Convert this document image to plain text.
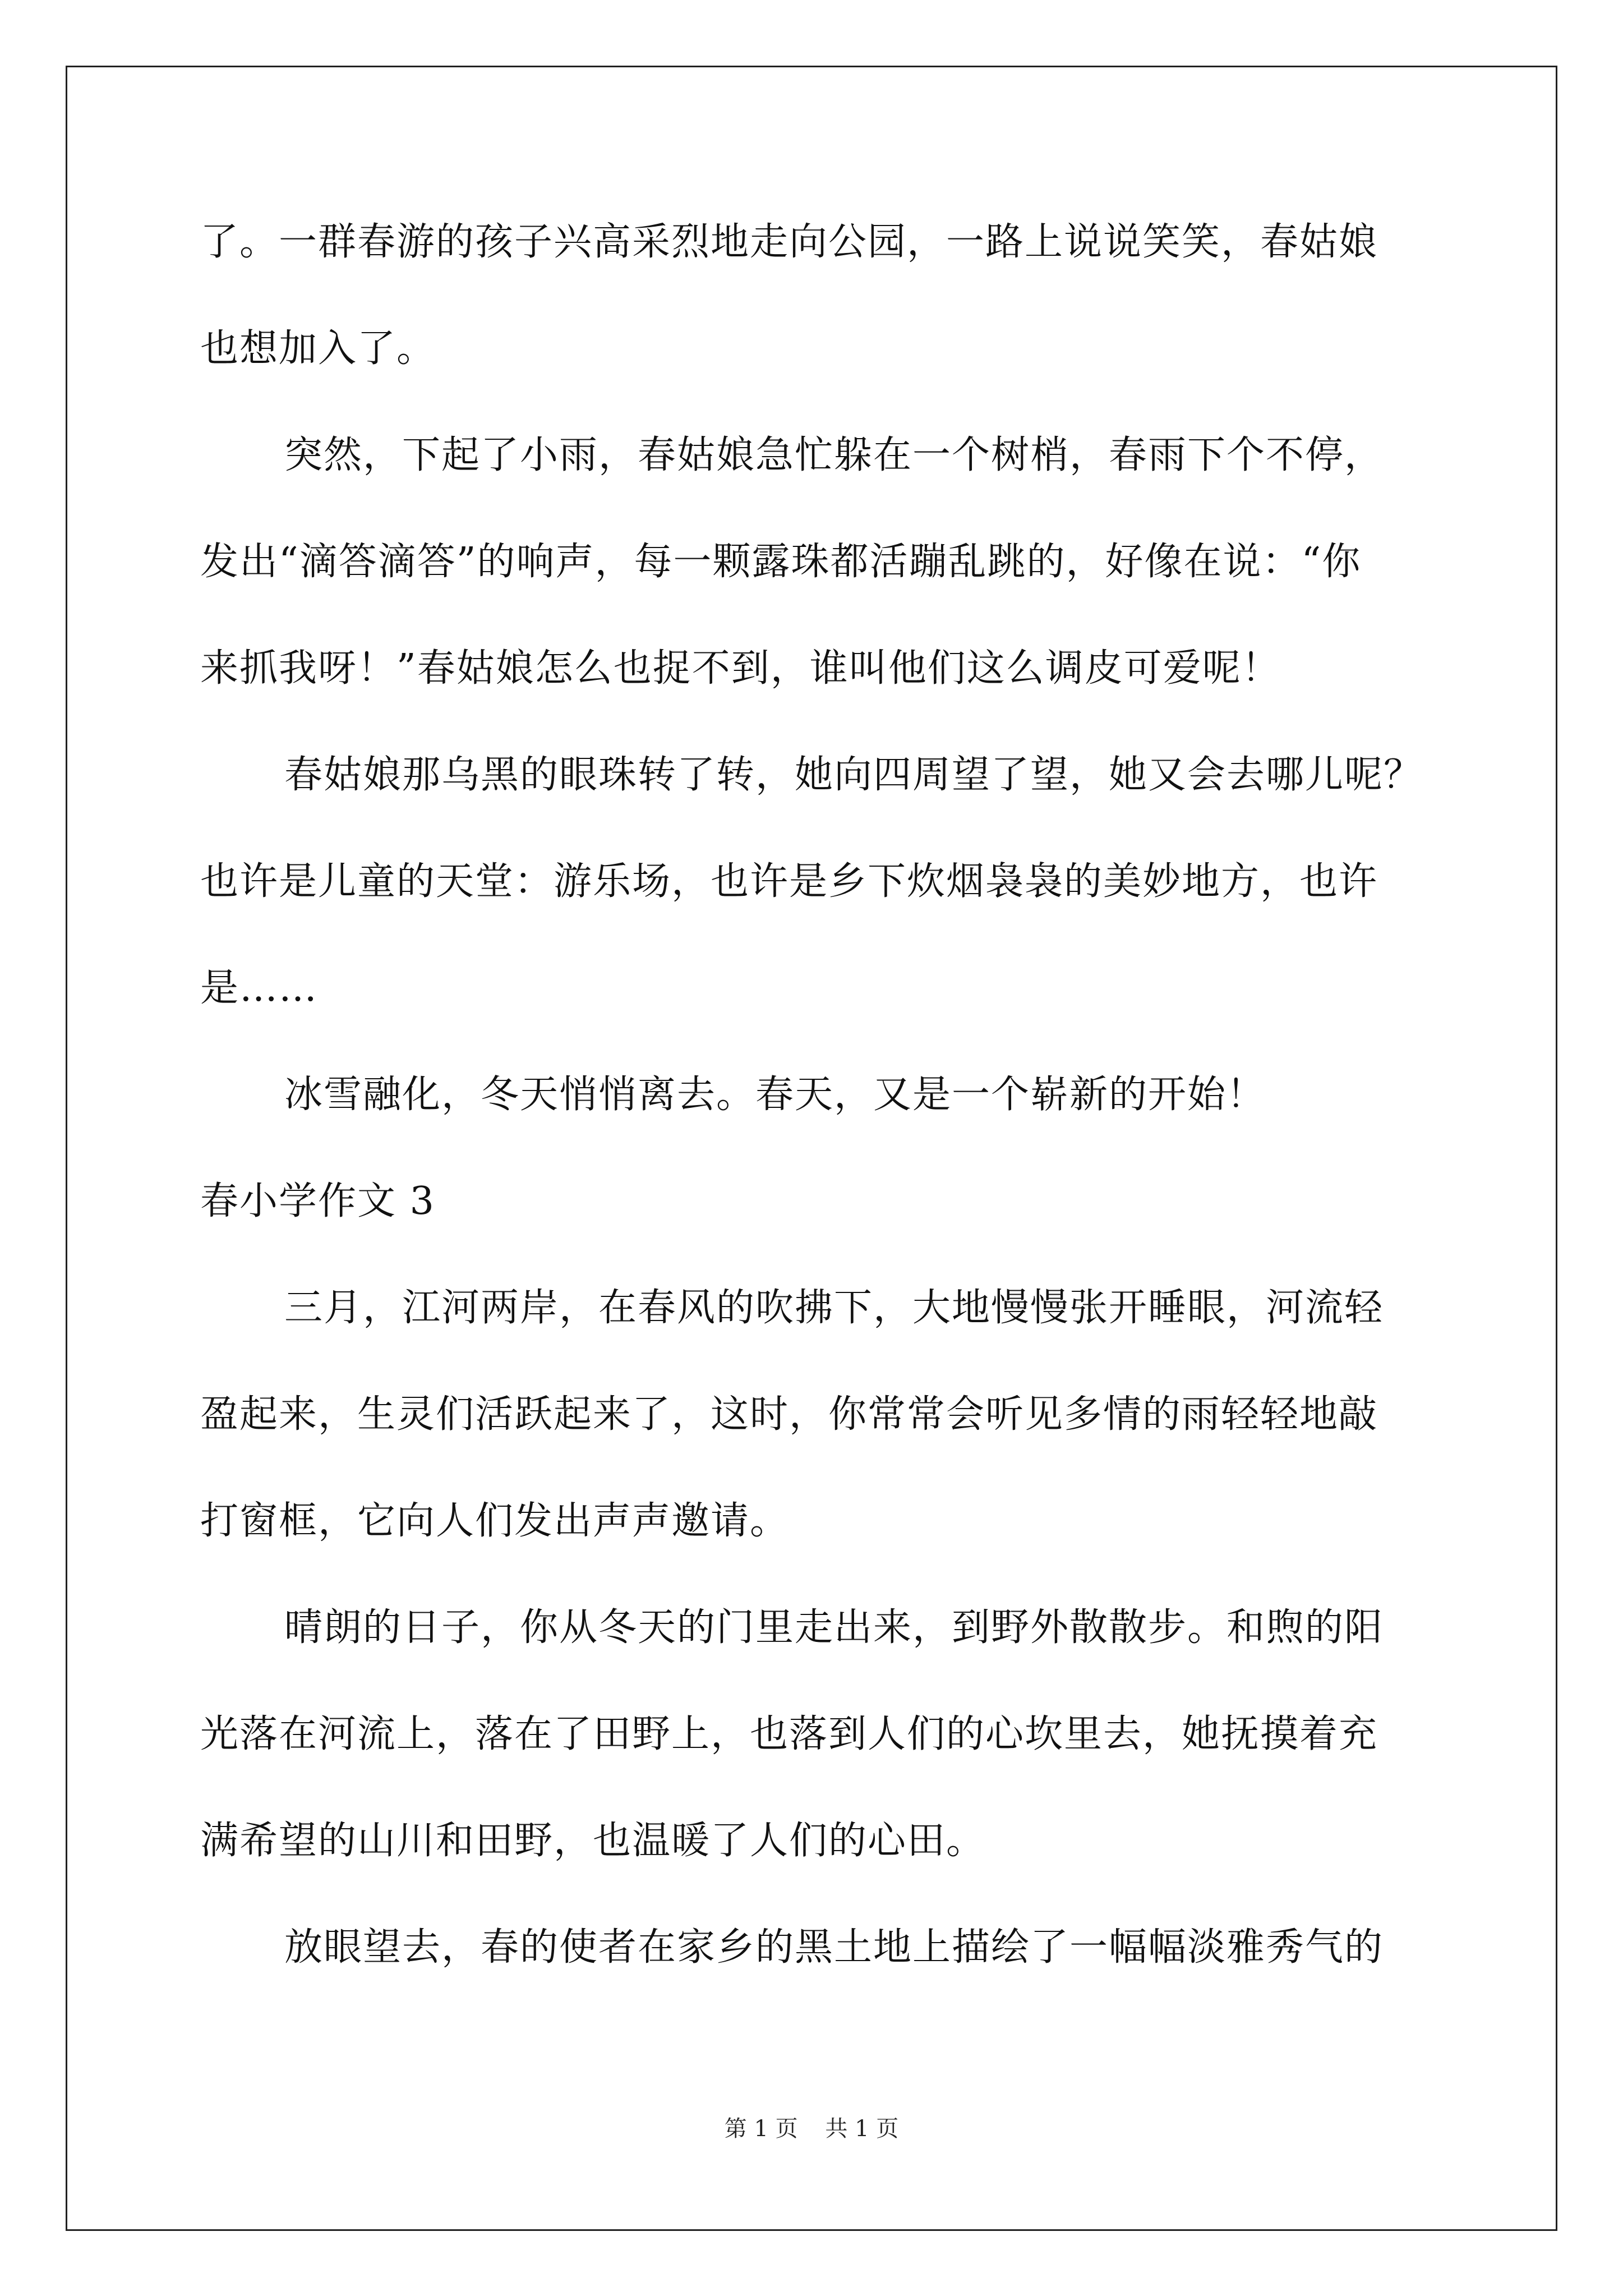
了。一群春游的孩子兴高采烈地走向公园，一路上说说笑笑，春姑娘
也想加入了。
突然，下起了小雨，春姑娘急忙躲在一个树梢，春雨下个不停，
发出“滴答滴答”的响声，每一颗露珠都活蹦乱跳的，好像在说：“你
来抓我呀！”春姑娘怎么也捉不到，谁叫他们这么调皮可爱呢！
春姑娘那乌黑的眼珠转了转，她向四周望了望，她又会去哪儿呢？
也许是儿童的天堂：游乐场，也许是乡下炊烟袅袅的美妙地方，也许
是……
冰雪融化，冬天悄悄离去。春天，又是一个崭新的开始！
春小学作文 3
三月，江河两岸，在春风的吹拂下，大地慢慢张开睡眼，河流轻
盈起来，生灵们活跃起来了，这时，你常常会听见多情的雨轻轻地敲
打窗框，它向人们发出声声邀请。
晴朗的日子，你从冬天的门里走出来，到野外散散步。和煦的阳
光落在河流上，落在了田野上，也落到人们的心坎里去，她抚摸着充
满希望的山川和田野，也温暖了人们的心田。
放眼望去，春的使者在家乡的黑土地上描绘了一幅幅淡雅秀气的
第 1 页 共 1 页
